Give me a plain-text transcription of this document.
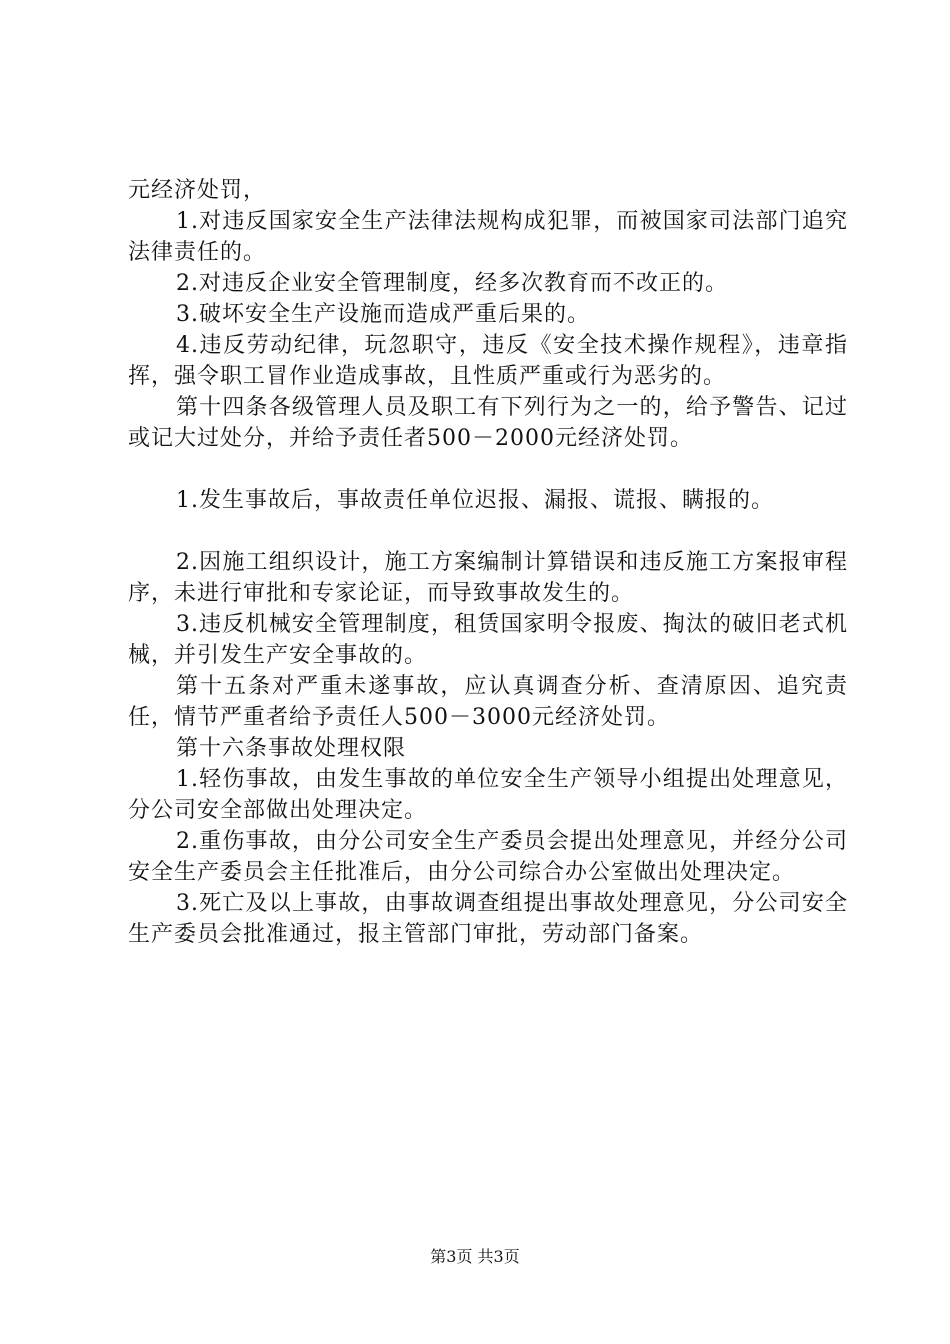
元经济处罚，

1.对违反国家安全生产法律法规构成犯罪，而被国家司法部门追究法律责任的。

2.对违反企业安全管理制度，经多次教育而不改正的。

3.破坏安全生产设施而造成严重后果的。

4.违反劳动纪律，玩忽职守，违反《安全技术操作规程》，违章指挥，强令职工冒作业造成事故，且性质严重或行为恶劣的。

第十四条各级管理人员及职工有下列行为之一的，给予警告、记过或记大过处分，并给予责任者500－2000元经济处罚。

1.发生事故后，事故责任单位迟报、漏报、谎报、瞒报的。

2.因施工组织设计，施工方案编制计算错误和违反施工方案报审程序，未进行审批和专家论证，而导致事故发生的。

3.违反机械安全管理制度，租赁国家明令报废、掏汰的破旧老式机械，并引发生产安全事故的。

第十五条对严重未遂事故，应认真调查分析、查清原因、追究责任，情节严重者给予责任人500－3000元经济处罚。

第十六条事故处理权限

1.轻伤事故，由发生事故的单位安全生产领导小组提出处理意见，分公司安全部做出处理决定。

2.重伤事故，由分公司安全生产委员会提出处理意见，并经分公司安全生产委员会主任批准后，由分公司综合办公室做出处理决定。

3.死亡及以上事故，由事故调查组提出事故处理意见，分公司安全生产委员会批准通过，报主管部门审批，劳动部门备案。

第3页 共3页
